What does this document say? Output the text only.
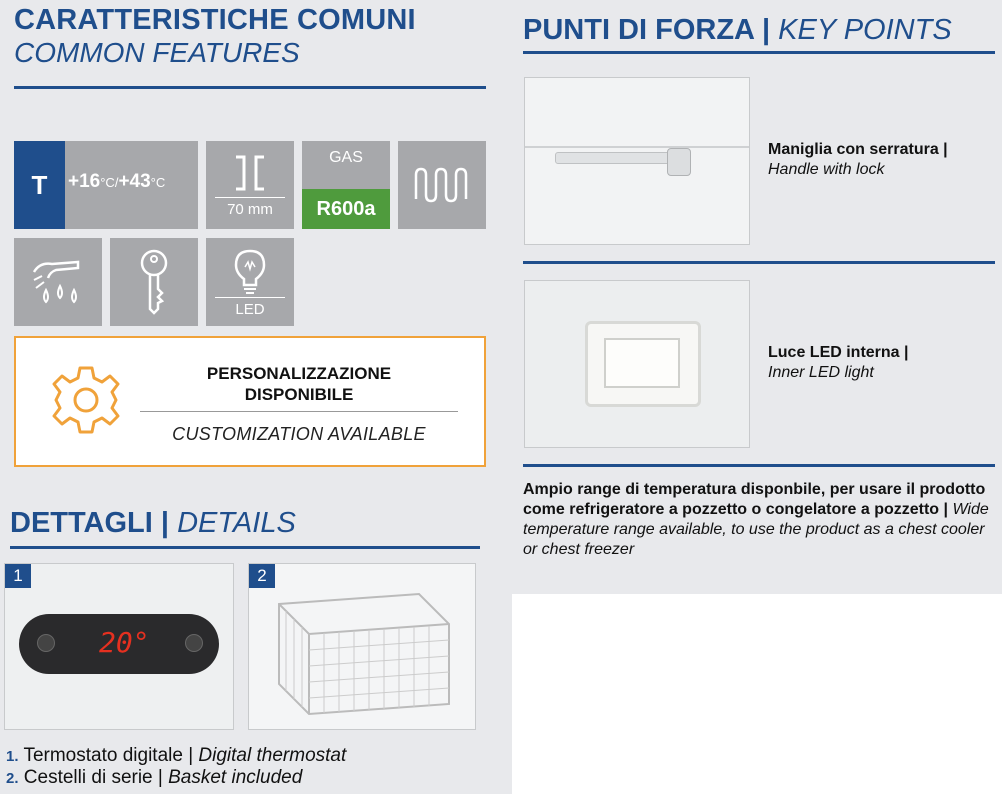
CARATTERISTICHE COMUNI
COMMON FEATURES
T	+16°C/+43°C
70 mm
GAS
R600a
LED
PERSONALIZZAZIONE
DISPONIBILE
CUSTOMIZATION AVAILABLE
DETTAGLI | DETAILS
1
20°
2
1. Termostato digitale | Digital thermostat
2. Cestelli di serie | Basket included
PUNTI DI FORZA | KEY POINTS
Maniglia con serratura |
Handle with lock
Luce LED interna |
Inner LED light
Ampio range di temperatura disponbile, per usare il prodotto come refrigeratore a pozzetto o congelatore a pozzetto | Wide temperature range available, to use the product as a chest cooler or chest freezer
